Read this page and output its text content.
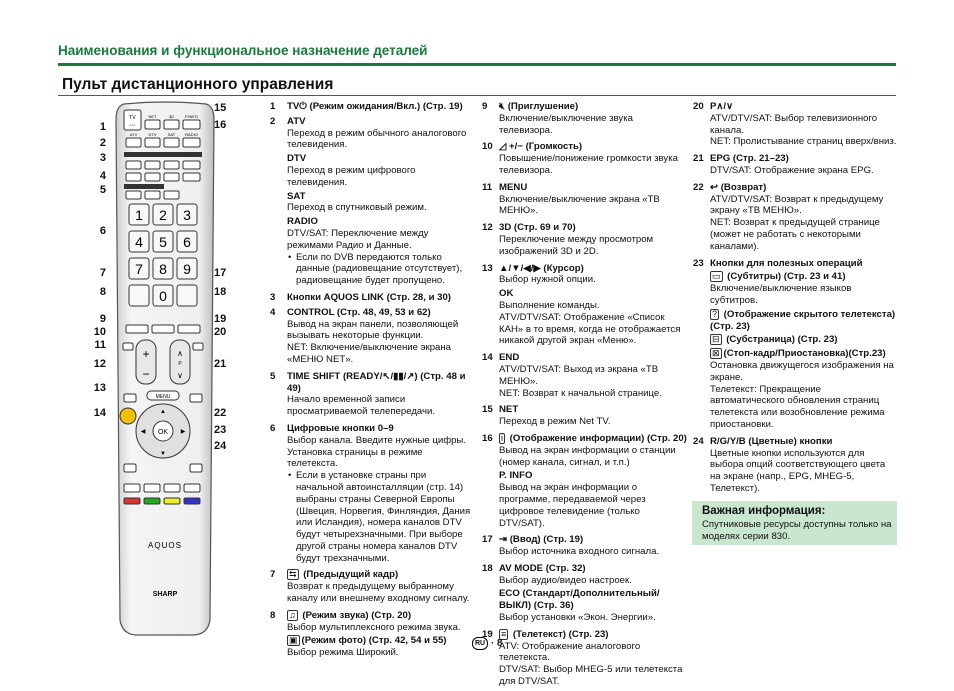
Наименования и функциональное назначение деталей
Пульт дистанционного управления
TV
◦◦◦
NET	3D	P.INFO
ATV	DTV	SAT RADIO
1 2 3
4 5 6
7 8 9
0
+
−
∧
P
∨
MENU
OK
▲
▼
◀	▶
AQUOS
SHARP
1
2
3
4
5
6
7
8
9
10
11
12
13
14
15
16
17
18
19
20
21
22
23
24
1 TV⏻ (Режим ожидания/Вкл.) (Стр. 19)
2 ATV
Переход в режим обычного аналогового телевидения.
DTV
Переход в режим цифрового телевидения.
SAT
Переход в спутниковый режим.
RADIO
DTV/SAT: Переключение между режимами Радио и Данные.
• Если по DVB передаются только данные (радиовещание отсутствует), радиовещание будет пропущено.
3 Кнопки AQUOS LINK (Стр. 28, и 30)
4 CONTROL (Стр. 48, 49, 53 и 62)
Вывод на экран панели, позволяющей вызывать некоторые функции.
NET: Включение/выключение экрана «МЕНЮ NET».
5 TIME SHIFT (READY/↖/▮▮/↗) (Стр. 48 и 49)
Начало временной записи просматриваемой телепередачи.
6 Цифровые кнопки 0–9
Выбор канала. Введите нужные цифры.
Установка страницы в режиме телетекста.
• Если в установке страны при начальной автоинсталляции (стр. 14) выбраны страны Северной Европы (Швеция, Норвегия, Финляндия, Дания или Исландия), номера каналов DTV будут четырехзначными. При выборе другой страны номера каналов DTV будут трехзначными.
7 ⇆ (Предыдущий кадр)
Возврат к предыдущему выбранному каналу или внешнему входному сигналу.
8 ♫ (Режим звука) (Стр. 20)
Выбор мультиплексного режима звука.
▣ (Режим фото) (Стр. 42, 54 и 55)
Выбор режима Широкий.
9 🔇︎ (Приглушение)
Включение/выключение звука телевизора.
10 ◿ +/− (Громкость)
Повышение/понижение громкости звука телевизора.
11 MENU
Включение/выключение экрана «ТВ МЕНЮ».
12 3D (Стр. 69 и 70)
Переключение между просмотром изображений 3D и 2D.
13 ▲/▼/◀/▶ (Курсор)
Выбор нужной опции.
OK
Выполнение команды.
ATV/DTV/SAT: Отображение «Список КАН» в то время, когда не отображается никакой другой экран «Меню».
14 END
ATV/DTV/SAT: Выход из экрана «ТВ МЕНЮ».
NET: Возврат к начальной странице.
15 NET
Переход в режим Net TV.
16 i (Отображение информации) (Стр. 20)
Вывод на экран информации о станции (номер канала, сигнал, и т.п.)
P. INFO
Вывод на экран информации о программе, передаваемой через цифровое телевидение (только DTV/SAT).
17 ⇥ (Ввод) (Стр. 19)
Выбор источника входного сигнала.
18 AV MODE (Стр. 32)
Выбор аудио/видео настроек.
ECO (Стандарт/Дополнительный/ ВЫКЛ) (Стр. 36)
Выбор установки «Экон. Энергии».
19 ≡ (Телетекст) (Стр. 23)
ATV: Отображение аналогового телетекста.
DTV/SAT: Выбор MHEG-5 или телетекста для DTV/SAT.
20 P∧/∨
ATV/DTV/SAT: Выбор телевизионного канала.
NET: Пролистывание страниц вверх/вниз.
21 EPG (Стр. 21–23)
DTV/SAT: Отображение экрана EPG.
22 ↩ (Возврат)
ATV/DTV/SAT: Возврат к предыдущему экрану «ТВ МЕНЮ».
NET: Возврат к предыдущей странице (может не работать с некоторыми каналами).
23 Кнопки для полезных операций
▭ (Субтитры) (Стр. 23 и 41)
Включение/выключение языков субтитров.
? (Отображение скрытого телетекста) (Стр. 23)
⊟ (Субстраница) (Стр. 23)
⊠ (Стоп-кадр/Приостановка)(Стр.23)
Остановка движущегося изображения на экране.
Телетекст: Прекращение автоматического обновления страниц телетекста или возобновление режима приостановки.
24 R/G/Y/B (Цветные) кнопки
Цветные кнопки используются для выбора опций соответствующего цвета на экране (напр., EPG, MHEG-5, Телетекст).
Важная информация:
Спутниковые ресурсы доступны только на моделях серии 830.
RU · 8
